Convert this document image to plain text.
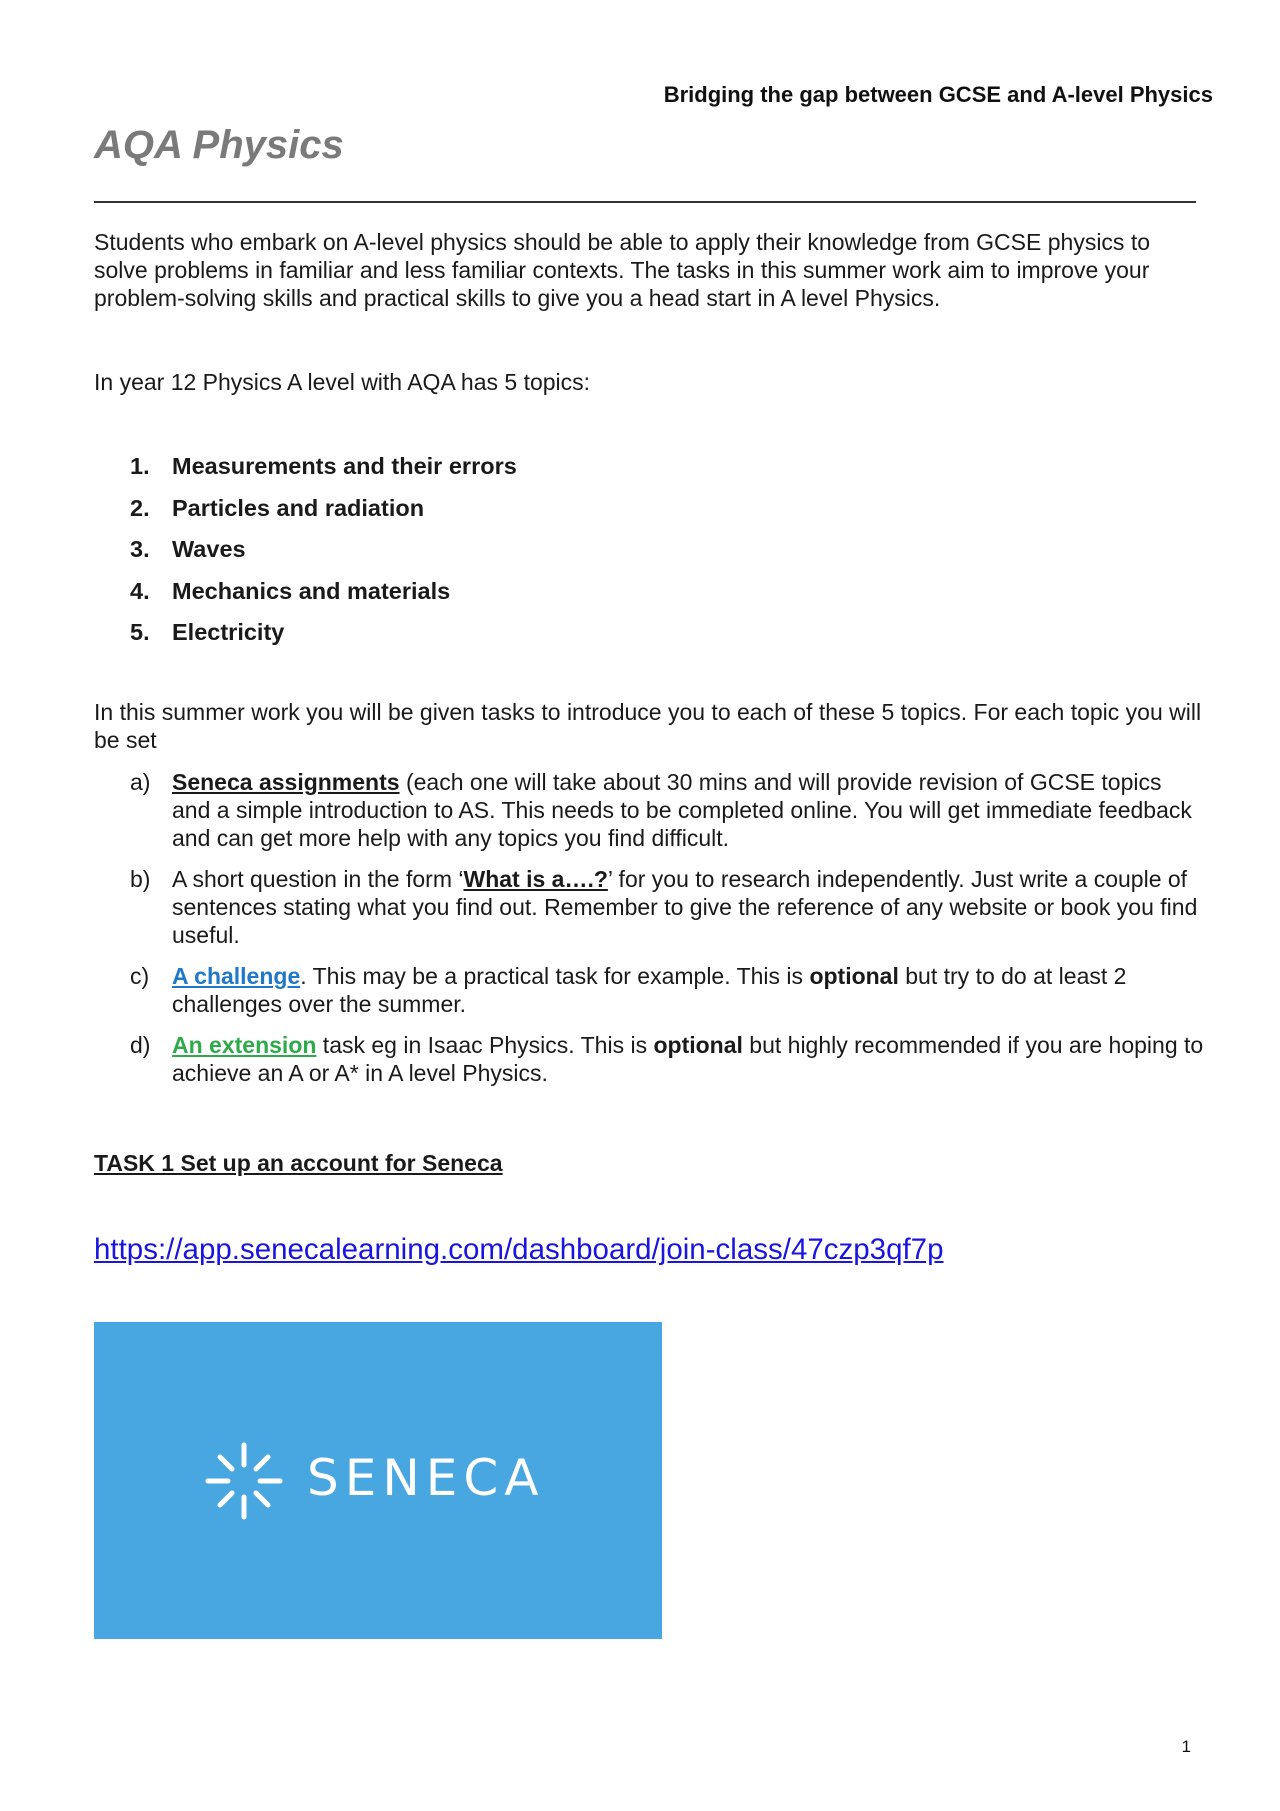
Bridging the gap between GCSE and A-level Physics
AQA Physics

Students who embark on A-level physics should be able to apply their knowledge from GCSE physics to solve problems in familiar and less familiar contexts. The tasks in this summer work aim to improve your problem-solving skills and practical skills to give you a head start in A level Physics.

In year 12 Physics A level with AQA has 5 topics:

1. Measurements and their errors
2. Particles and radiation
3. Waves
4. Mechanics and materials
5. Electricity

In this summer work you will be given tasks to introduce you to each of these 5 topics. For each topic you will be set

a) Seneca assignments (each one will take about 30 mins and will provide revision of GCSE topics and a simple introduction to AS. This needs to be completed online. You will get immediate feedback and can get more help with any topics you find difficult.
b) A short question in the form ‘What is a….?’ for you to research independently. Just write a couple of sentences stating what you find out. Remember to give the reference of any website or book you find useful.
c) A challenge. This may be a practical task for example. This is optional but try to do at least 2 challenges over the summer.
d) An extension task eg in Isaac Physics. This is optional but highly recommended if you are hoping to achieve an A or A* in A level Physics.
TASK 1 Set up an account for Seneca
https://app.senecalearning.com/dashboard/join-class/47czp3qf7p
SENECA
1
